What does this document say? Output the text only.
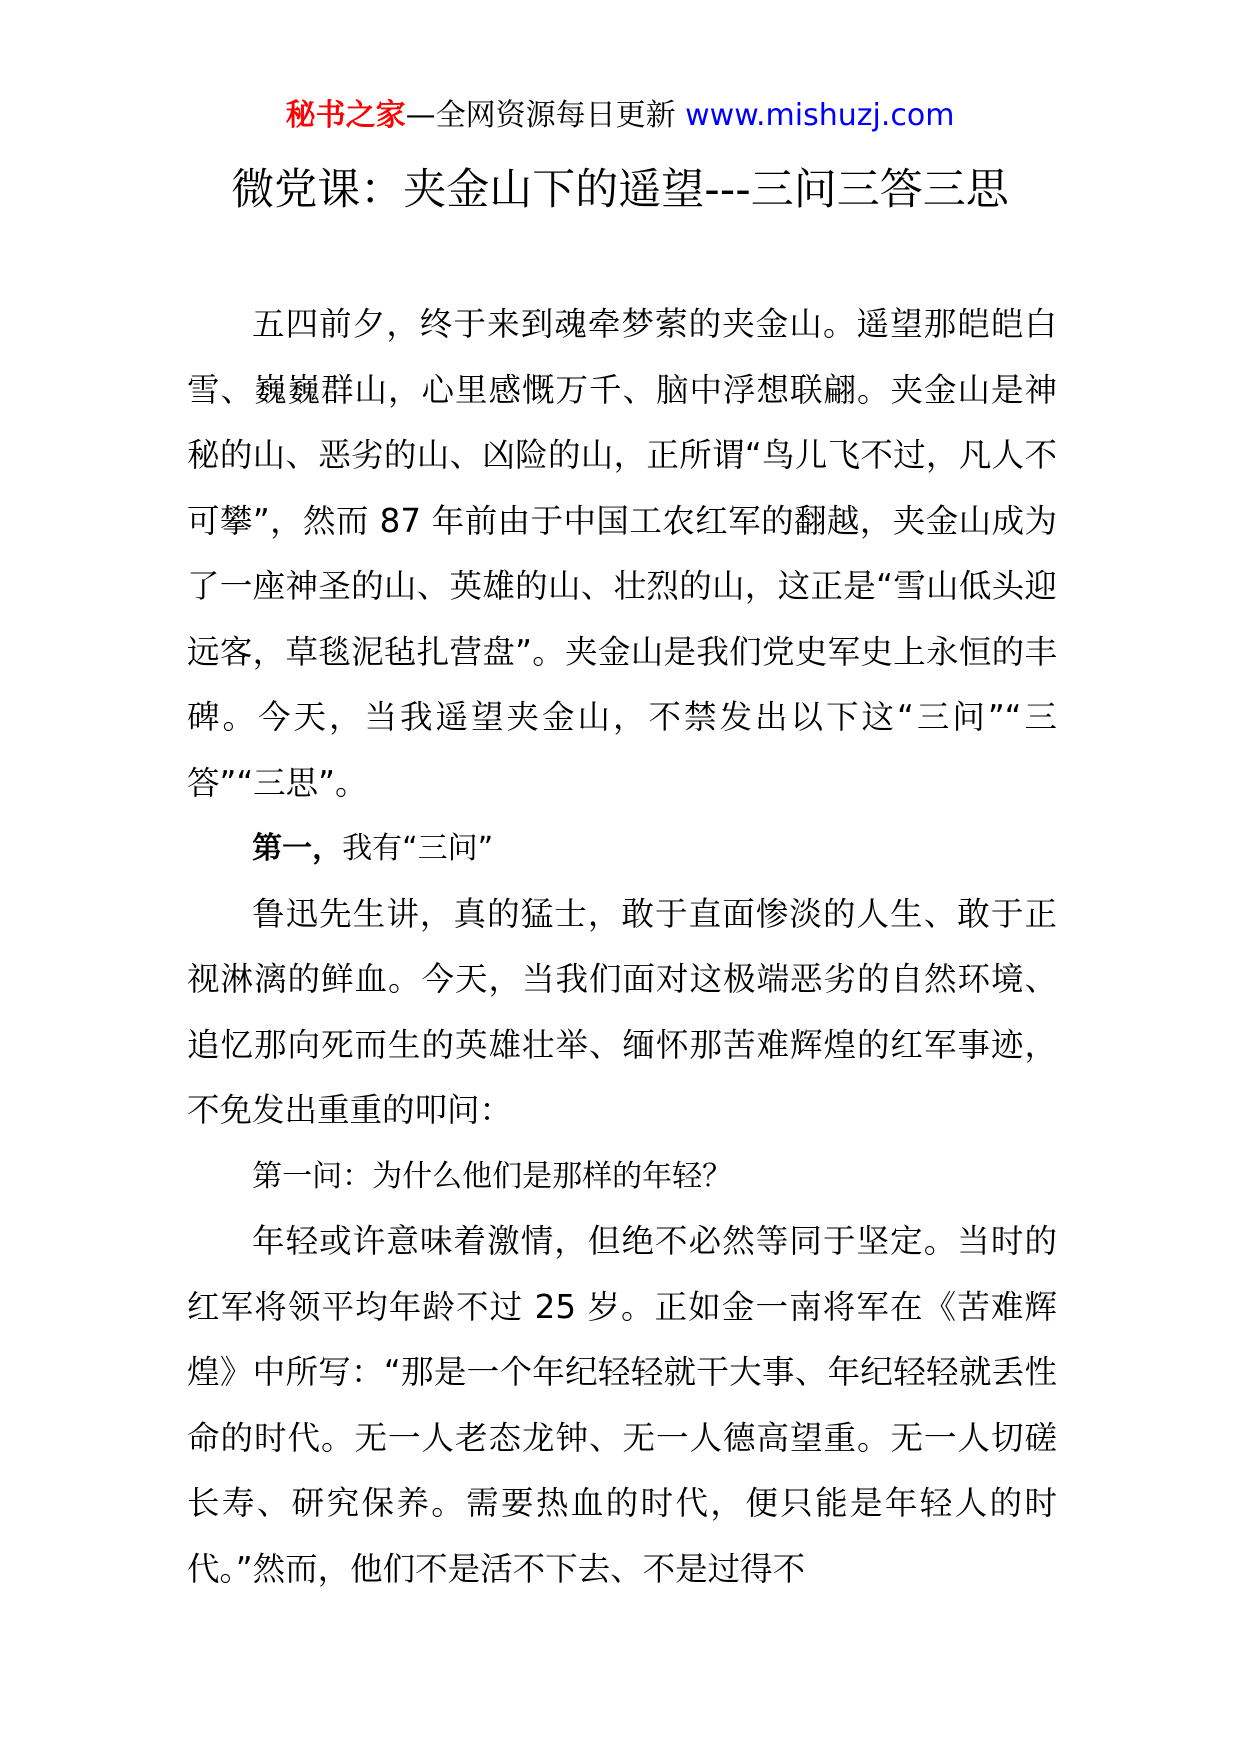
秘书之家—全网资源每日更新 www.mishuzj.com
微党课：夹金山下的遥望---三问三答三思

五四前夕，终于来到魂牵梦萦的夹金山。遥望那皑皑白雪、巍巍群山，心里感慨万千、脑中浮想联翩。夹金山是神秘的山、恶劣的山、凶险的山，正所谓“鸟儿飞不过，凡人不可攀”，然而 87 年前由于中国工农红军的翻越，夹金山成为了一座神圣的山、英雄的山、壮烈的山，这正是“雪山低头迎远客，草毯泥毡扎营盘”。夹金山是我们党史军史上永恒的丰碑。今天，当我遥望夹金山，不禁发出以下这“三问”“三答”“三思”。

第一，我有“三问”

鲁迅先生讲，真的猛士，敢于直面惨淡的人生、敢于正视淋漓的鲜血。今天，当我们面对这极端恶劣的自然环境、追忆那向死而生的英雄壮举、缅怀那苦难辉煌的红军事迹，不免发出重重的叩问：

第一问：为什么他们是那样的年轻？

年轻或许意味着激情，但绝不必然等同于坚定。当时的红军将领平均年龄不过 25 岁。正如金一南将军在《苦难辉煌》中所写：“那是一个年纪轻轻就干大事、年纪轻轻就丢性命的时代。无一人老态龙钟、无一人德高望重。无一人切磋长寿、研究保养。需要热血的时代，便只能是年轻人的时代。”然而，他们不是活不下去、不是过得不
